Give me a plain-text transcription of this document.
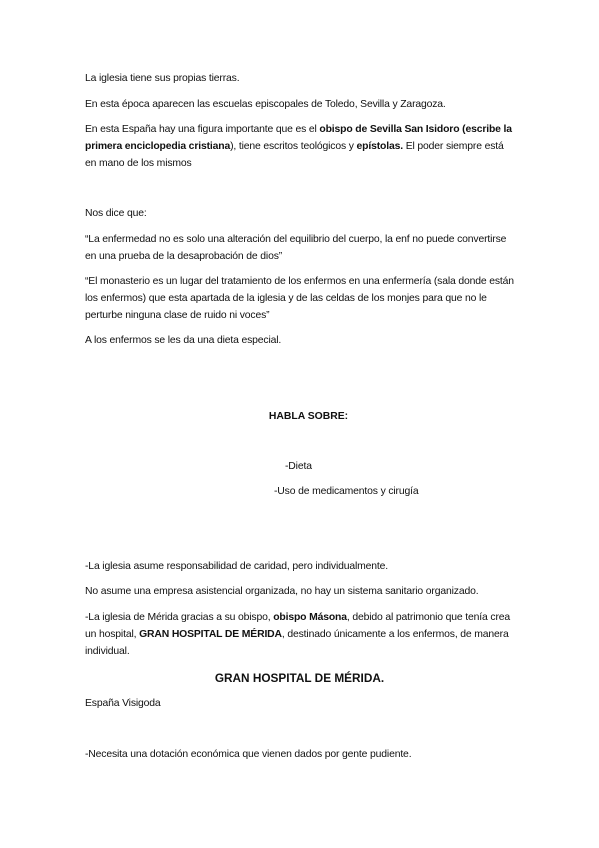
La iglesia tiene sus propias tierras.

En esta época aparecen las escuelas episcopales de Toledo, Sevilla y Zaragoza.

En esta España hay una figura importante que es el obispo de Sevilla San Isidoro (escribe la primera enciclopedia cristiana), tiene escritos teológicos y epístolas. El poder siempre está en mano de los mismos

Nos dice que:

“La enfermedad no es solo una alteración del equilibrio del cuerpo, la enf no puede convertirse en una prueba de la desaprobación de dios”

“El monasterio es un lugar del tratamiento de los enfermos en una enfermería (sala donde están los enfermos) que esta apartada de la iglesia y de las celdas de los monjes para que no le perturbe ninguna clase de ruido ni voces”

A los enfermos se les da una dieta especial.

HABLA SOBRE:

-Dieta

-Uso de medicamentos y cirugía

-La iglesia asume responsabilidad de caridad, pero individualmente.

No asume una empresa asistencial organizada, no hay un sistema sanitario organizado.

-La iglesia de Mérida gracias a su obispo, obispo Másona, debido al patrimonio que tenía crea un hospital, GRAN HOSPITAL DE MÉRIDA, destinado únicamente a los enfermos, de manera individual.

GRAN HOSPITAL DE MÉRIDA.

España Visigoda

-Necesita una dotación económica que vienen dados por gente pudiente.
